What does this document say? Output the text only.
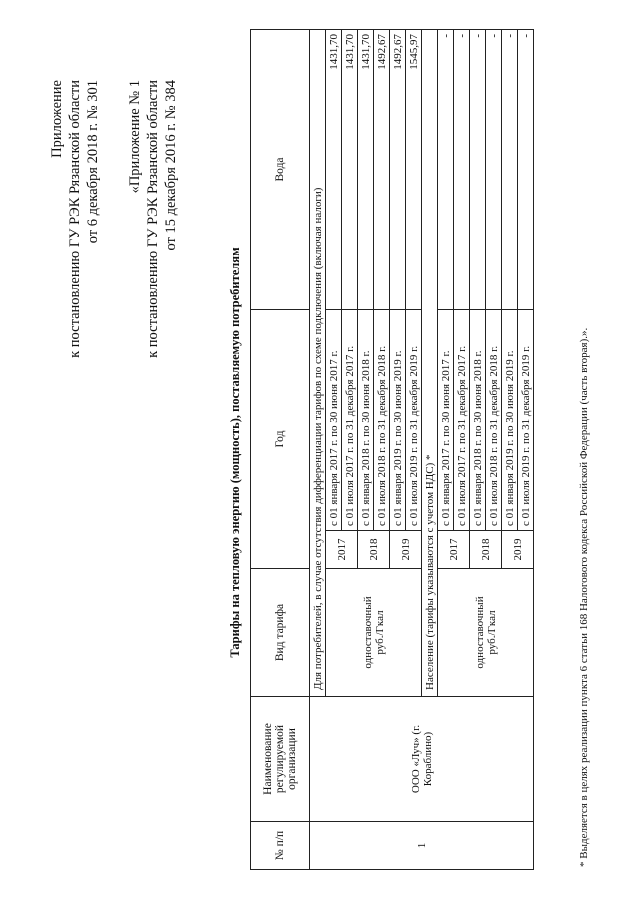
Приложение к постановлению ГУ РЭК Рязанской области от 6 декабря 2018 г. № 301 «Приложение № 1 к постановлению ГУ РЭК Рязанской области от 15 декабря 2016 г. № 384
Тарифы на тепловую энергию (мощность), поставляемую потребителям
№ п/п	Наименование регулируемой организации	Вид тарифа	Год		Вода
1	ООО «Луч» (г. Кораблино)	Для потребителей, в случае отсутствия дифференциации тарифов по схеме подключения (включая налоги)			

		одноставочный руб./Гкал	2017	с 01 января 2017 г. по 30 июня 2017 г.	1431,70
				с 01 июля 2017 г. по 31 декабря 2017 г.	1431,70
			2018	с 01 января 2018 г. по 30 июня 2018 г.	1431,70
				с 01 июля 2018 г. по 31 декабря 2018 г.	1492,67
			2019	с 01 января 2019 г. по 30 июня 2019 г.	1492,67
				с 01 июля 2019 г. по 31 декабря 2019 г.	1545,97
		Население (тарифы указываются с учетом НДС) *			

		одноставочный руб./Гкал	2017	с 01 января 2017 г. по 30 июня 2017 г.	-
				с 01 июля 2017 г. по 31 декабря 2017 г.	-
			2018	с 01 января 2018 г. по 30 июня 2018 г.	-
				с 01 июля 2018 г. по 31 декабря 2018 г.	-
			2019	с 01 января 2019 г. по 30 июня 2019 г.	-
				с 01 июля 2019 г. по 31 декабря 2019 г.	-
* Выделяется в целях реализации пункта 6 статьи 168 Налогового кодекса Российской Федерации (часть вторая).».
